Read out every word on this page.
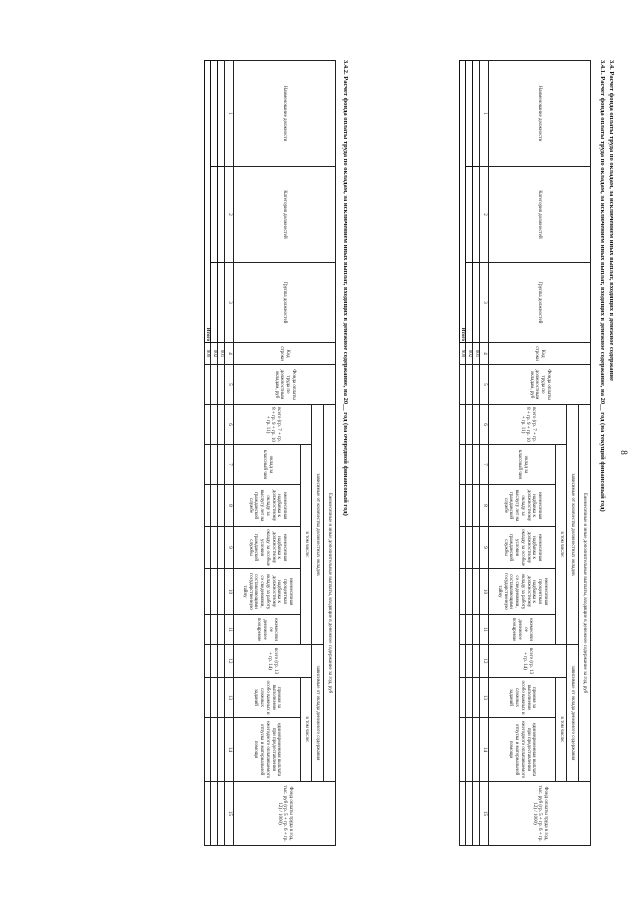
8
3.4. Расчет фонда оплаты труда по окладам, за исключением иных выплат, входящих в денежное содержание
3.4.1. Расчет фонда оплаты труда по окладам, за исключением иных выплат, входящих в денежное содержание, на 20__ год (на текущий финансовый год)
Наименование должности	Категория должностей	Группа должностей	Код строки	Фонда оплаты труда по должностным окладам, руб	Ежемесячные и иные дополнительные выплаты, входящие в денежное содержание за год, руб									Фонд оплаты труда в год, тыс. руб (гр. 5 + гр. 6 + гр. 12) / 1000)
					зависимые от количества должностных окладов						зависимые от оклада денежного содержания			
					всего (гр. 7 + гр. 8 + гр. 9 + гр. 10 + гр. 11)	в том числе:					всего (гр. 13 + гр. 14)	в том числе:		
						оклад за классный чин	ежемесячная надбавка к должностному окладу за выслугу лет на гражданской службе	ежемесячная надбавка к должностному окладу за особые условия гражданской службы	ежемесячная процентная надбавка к должностному окладу за работу со сведениями, составляющими государственную тайну	ежемесячное денежное поощрение		премия за выполнение особо важных и сложных заданий	единовременная выплата при предоставлении ежегодного оплачиваемого отпуска и материальной помощи	
1	2	3	4	5	6	7	8	9	10	11	12	13	14	15
			001											
			002											
Итого			900											
3.4.2. Расчет фонда оплаты труда по окладам, за исключением иных выплат, входящих в денежное содержание, на 20__ год (на очередной финансовый год)
Наименование должности	Категория должностей	Группа должностей	Код строки	Фонда оплаты труда по должностным окладам, руб	Ежемесячные и иные дополнительные выплаты, входящие в денежное содержание за год, руб									Фонд оплаты труда в год, тыс. руб (гр. 5 + гр. 6 + гр. 12) / 1000)
					зависимые от количества должностных окладов						зависимые от оклада денежного содержания			
					всего (гр. 7 + гр. 8 + гр. 9 + гр. 10 + гр. 11)	в том числе:					всего (гр. 13 + гр. 14)	в том числе:		
						оклад за классный чин	ежемесячная надбавка к должностному окладу за выслугу лет на гражданской службе	ежемесячная надбавка к должностному окладу за особые условия гражданской службы	ежемесячная процентная надбавка к должностному окладу за работу со сведениями, составляющими государственную тайну	ежемесячное денежное поощрение		премия за выполнение особо важных и сложных заданий	единовременная выплата при предоставлении ежегодного оплачиваемого отпуска и материальной помощи	
1	2	3	4	5	6	7	8	9	10	11	12	13	14	15
			001											
			002											
Итого			900											
